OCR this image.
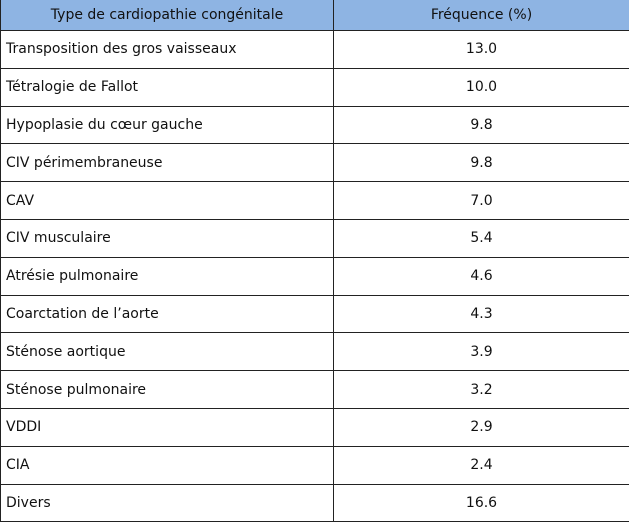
Type de cardiopathie congénitale	Fréquence (%)
Transposition des gros vaisseaux	13.0
Tétralogie de Fallot	10.0
Hypoplasie du cœur gauche	9.8
CIV périmembraneuse	9.8
CAV	7.0
CIV musculaire	5.4
Atrésie pulmonaire	4.6
Coarctation de l’aorte	4.3
Sténose aortique	3.9
Sténose pulmonaire	3.2
VDDI	2.9
CIA	2.4
Divers	16.6
